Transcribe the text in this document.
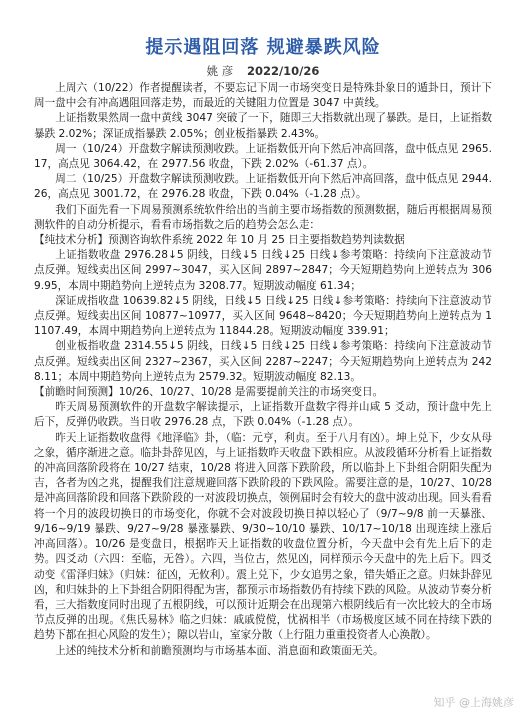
提示遇阻回落 规避暴跌风险
姚 彦 2022/10/26

上周六（10/22）作者提醒读者，不要忘记下周一市场突变日是特殊卦象日的遁卦日，预计下周一盘中会有冲高遇阻回落走势，而最近的关键阻力位置是 3047 中黄线。

上证指数果然周一盘中黄线 3047 突破了一下，随即三大指数就出现了暴跌。是日，上证指数暴跌 2.02%；深证成指暴跌 2.05%；创业板指暴跌 2.43%。

周一（10/24）开盘数字解读预测收跌。上证指数低开向下然后冲高回落，盘中低点见 2965.17，高点见 3064.42，在 2977.56 收盘，下跌 2.02%（-61.37 点）。

周二（10/25）开盘数字解读预测收跌。上证指数低开向下然后冲高回落，盘中低点见 2944.26，高点见 3001.72，在 2976.28 收盘，下跌 0.04%（-1.28 点）。

我们下面先看一下周易预测系统软件给出的当前主要市场指数的预测数据，随后再根据周易预测软件的自动分析提示，看看市场指数之后的趋势会怎么走：

【纯技术分析】预测咨询软件系统 2022 年 10 月 25 日主要指数趋势判读数据

上证指数收盘 2976.28↓5 阴线，日线↓5 日线↓25 日线↓参考策略：持续向下注意波动节点反弹。短线卖出区间 2997~3047，买入区间 2897~2847；今天短期趋势向上逆转点为 3069.95，本周中期趋势向上逆转点为 3208.77。短期波动幅度 61.34；

深证成指收盘 10639.82↓5 阴线，日线↓5 日线↓25 日线↓参考策略：持续向下注意波动节点反弹。短线卖出区间 10877~10977，买入区间 9648~8420；今天短期趋势向上逆转点为 11107.49，本周中期趋势向上逆转点为 11844.28。短期波动幅度 339.91；

创业板指收盘 2314.55↓5 阴线，日线↓5 日线↓25 日线↓参考策略：持续向下注意波动节点反弹。短线卖出区间 2327~2367，买入区间 2287~2247；今天短期趋势向上逆转点为 2428.11；本周中期趋势向上逆转点为 2579.32。短期波动幅度 82.13。

【前瞻时间预测】10/26、10/27、10/28 是需要提前关注的市场突变日。

昨天周易预测软件的开盘数字解读提示，上证指数开盘数字得并山咸 5 爻动，预计盘中先上后下，反弹仍收跌。当日收 2976.28 点，下跌 0.04%（-1.28 点）。

昨天上证指数收盘得《地泽临》卦，（临：元亨，利贞。至于八月有凶）。坤上兑下，少女从母之象，循序渐进之意。临卦卦辞见凶，与上证指数昨天收盘下跌相应。从波段循环分析看上证指数的冲高回落阶段将在 10/27 结束，10/28 将进入回落下跌阶段，所以临卦上下卦组合阴阳失配为吉，各者为凶之兆，提醒我们注意规避回落下跌阶段的下跌风险。需要注意的是，10/27、10/28 是冲高回落阶段和回落下跌阶段的一对波段切换点，领例届时会有较大的盘中波动出现。回头看看将一个月的波段切换日的市场变化，你就不会对波段切换日掉以轻心了（9/7~9/8 前一天暴涨、9/16~9/19 暴跌、9/27~9/28 暴涨暴跌、9/30~10/10 暴跌、10/17~10/18 出现连续上涨后冲高回落）。10/26 是变盘日，根据昨天上证指数的收盘位置分析，今天盘中会有先上后下的走势。四爻动（六四：至临，无咎）。六四，当位古，然见凶，同样预示今天盘中的先上后下。四爻动变《雷泽归妹》（归妹：征凶，无攸利）。震上兑下，少女追男之象，错失婚正之意。归妹卦辞见凶，和归妹卦的上下卦组合阴阳得配为害，都预示市场指数仍有持续下跌的风险。从波动节奏分析看，三大指数度同时出现了五根阴线，可以预计近期会在出现第六根阴线后有一次比较大的全市场节点反弹的出现。《焦氏易林》临之归妹：戚戚傥傥，忧祸相半（市场极度区域不同在持续下跌的趋势下都在担心风险的发生）；隙以岩山，室家分散（上行阻力重重投资者人心涣散）。

上述的纯技术分析和前瞻预测均与市场基本面、消息面和政策面无关。

知乎 @上海姚彦
